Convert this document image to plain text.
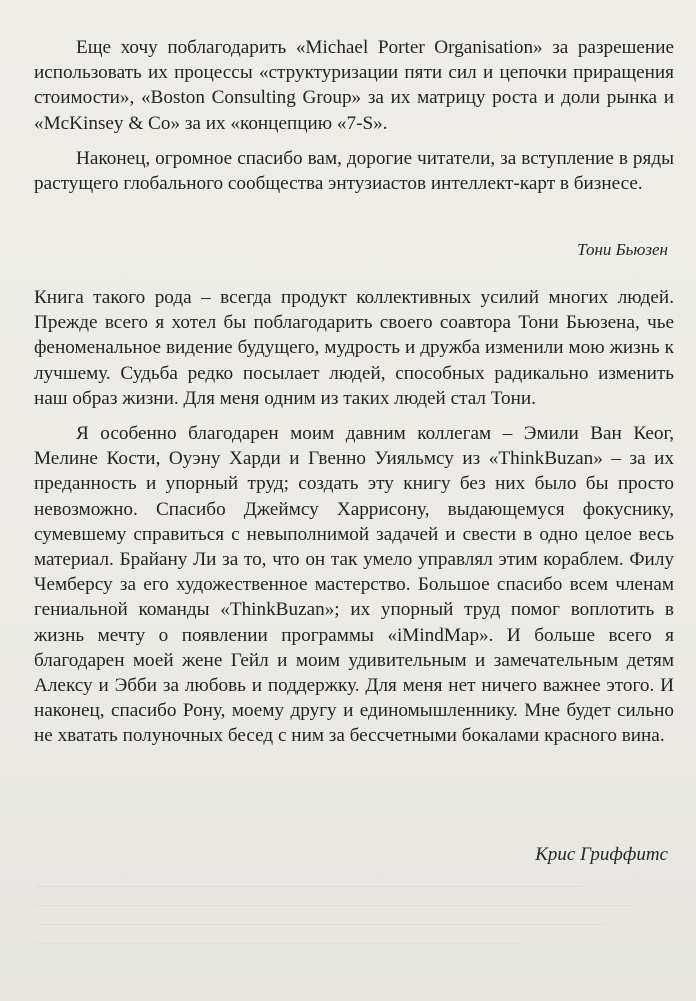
Еще хочу поблагодарить «Michael Porter Organisation» за разрешение использовать их процессы «структуризации пяти сил и цепочки приращения стоимости», «Boston Consulting Group» за их матрицу роста и доли рынка и «McKinsey & Co» за их «концепцию «7-S».

Наконец, огромное спасибо вам, дорогие читатели, за вступление в ряды растущего глобального сообщества энтузиастов интеллект-карт в бизнесе.

Тони Бьюзен

Книга такого рода – всегда продукт коллективных усилий многих людей. Прежде всего я хотел бы поблагодарить своего соавтора Тони Бьюзена, чье феноменальное видение будущего, мудрость и дружба изменили мою жизнь к лучшему. Судьба редко посылает людей, способных радикально изменить наш образ жизни. Для меня одним из таких людей стал Тони.

Я особенно благодарен моим давним коллегам – Эмили Ван Кеог, Мелине Кости, Оуэну Харди и Гвенно Уияльмсу из «ThinkBuzan» – за их преданность и упорный труд; создать эту книгу без них было бы просто невозможно. Спасибо Джеймсу Харрисону, выдающемуся фокуснику, сумевшему справиться с невыполнимой задачей и свести в одно целое весь материал. Брайану Ли за то, что он так умело управлял этим кораблем. Филу Чемберсу за его художественное мастерство. Большое спасибо всем членам гениальной команды «ThinkBuzan»; их упорный труд помог воплотить в жизнь мечту о появлении программы «iMindMap». И больше всего я благодарен моей жене Гейл и моим удивительным и замечательным детям Алексу и Эбби за любовь и поддержку. Для меня нет ничего важнее этого. И наконец, спасибо Рону, моему другу и единомышленнику. Мне будет сильно не хватать полуночных бесед с ним за бессчетными бокалами красного вина.

Крис Гриффитс
